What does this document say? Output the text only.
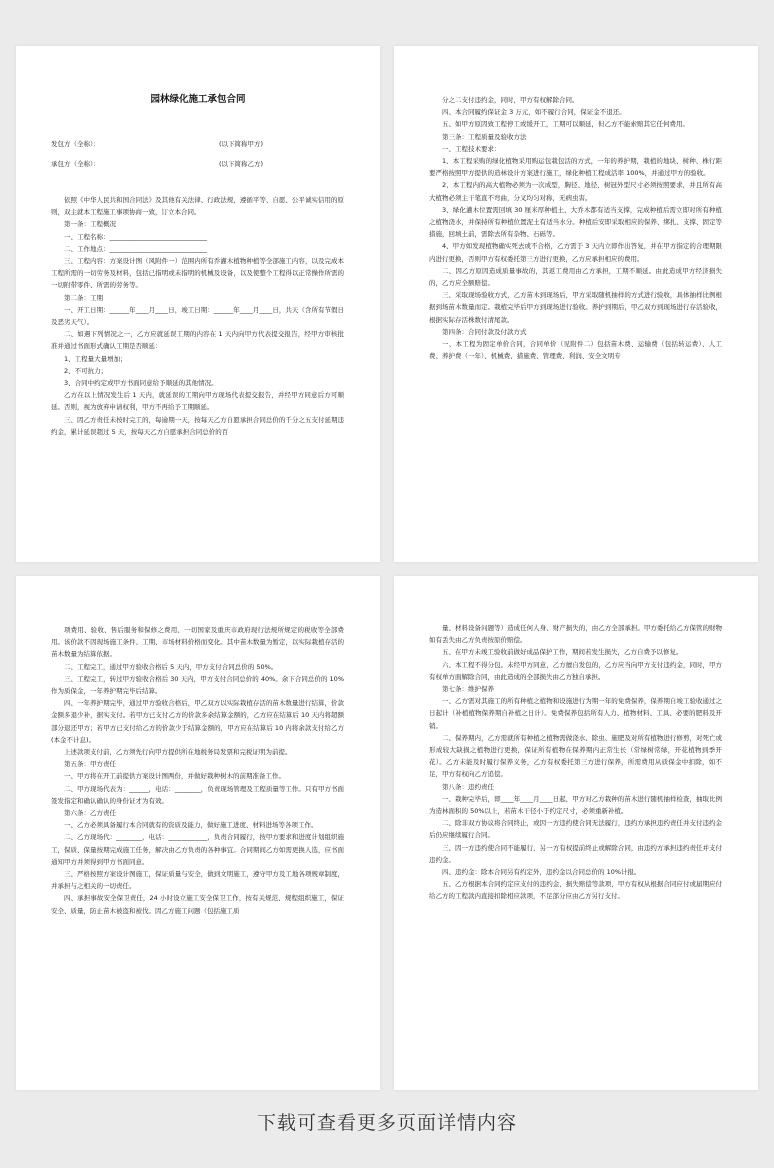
园林绿化施工承包合同
发包方（全称）：	(以下简称甲方)
承包方（全称）：	(以下简称乙方)

依照《中华人民共和国合同法》及其他有关法律、行政法规，遵循平等、自愿、公平诚实信用的原则，双主就本工程施工事项协商一致，订立本合同。

第一条：工程概况

一、工程名称：______________________________

二、工作地点：______________________________

三、工程内容：方案设计图（风附件一）范围内所有乔灌木植物种植等全部施工内容，以及完成本工程所需的一切劳务及材料，包括已指明或未指明的机械及设备，以及使整个工程得以正常操作所需的一切附带零件、所需的劳务等。

第二条：工期

一、开工日期：______年____月____日，竣工日期：______年____月____日，共天（含所有节假日及恶劣天气）。

二、如遇下列情况之一，乙方应就延误工期的内容在 1 天内向甲方代表提交报告，经甲方审核批准并通过书面形式确认工期是否顺延：

1、工程量大量增加；

2、不可抗力；

3、合同中约定或甲方书面同意给予顺延的其他情况。

乙方在以上情况发生后 1 天内，就延误的工期向甲方现场代表提交报告，并经甲方同意后方可顺延。否则，视为放弃申请权利，甲方不再给予工期顺延。

三、因乙方责任未按时完工的，每逾期一天，按每天乙方自愿承担合同总价的千分之五支付延期违约金，累计延误超过 5 天，按每天乙方自愿承担合同总价的百

分之二支付违约金，同时，甲方有权解除合同。

四、本合同履约保证金 3 万元，如不履行合同，保证金不退还。

五、如甲方原因致工程停工或缓开工，工期可以顺延，但乙方不能索赔其它任何费用。

第三条：工程质量及验收方法

一、工程技术要求：

1、本工程采购的绿化植物采用购运包栽包活的方式，一年的养护期，栽植的地块、树种、株行距要严格按照甲方提供的造林设计方案进行施工，绿化种植工程成活率 100%，并通过甲方的验收。

2、本工程内的高大植物必须为一次成型，胸径、地径、树冠外型尺寸必须按照要求，并且所有高大植物必须主干笔直不弯曲，分叉均匀对称，无病虫害。

3、绿化灌木位置需回填 30 厘米厚种植土，大乔木都有适当支撑，完成种植后需立即对所有种植之植物浇水，并保持所有种植位置泥土有适当水分。种植后安即采取相应的保养、绑扎、支撑、固定等措施，回填土前，需除去所有杂物、石砾等。

4、甲方如发现植物确实死去或不合格，乙方需于 3 天内立即作出答复，并在甲方指定的合理期限内进行更换，否则甲方有权委托第三方进行更换，乙方应承担相应的费用。

二、因乙方原因造成质量事故的，其返工费用由乙方承担，工期不顺延。由此造成甲方经济损失的，乙方应全额赔偿。

三、采取现场验收方式，乙方苗木到现场后，甲方采取随机抽样的方式进行验收，具体抽样比例根据到场苗木数量而定。栽植完毕后甲方到现场进行验收。养护到期后，甲乙双方到现场进行存活验收，根据实际存活株数付清尾款。

第四条：合同付款及付款方式

一、本工程为固定单价合同，合同单价（见附件二）包括苗木费、运输费（包括转运费）、人工费、养护费（一年）、机械费、措施费、管理费、利润、安全文明专

项费用、验收、售后服务和保修之费用、一切国家及重庆市政府现行法规所规定的税收等全部费用。该价款不因现场施工条件、工期、市场材料价格而变化。其中苗木数量为暂定，以实际栽植存活的苗木数量为结算依据。

二、工程完工，通过甲方验收合格后 5 天内，甲方支付合同总价的 50%。

三、工程完工，转过甲方验收合格后 30 天内，甲方支付合同总价的 40%。余下合同总价的 10%作为质保金，一年养护期完毕后结算。

四、一年养护期完毕，通过甲方验收合格后，甲乙双方以实际栽植存活的苗木数量进行结算，价款金额多退少补，据实支付。若甲方已支付乙方的价款多余结算金额的，乙方应在结算后 10 天内将超额部分退还甲方；若甲方已支付给乙方的价款少于结算金额的，甲方应在结算后 10 内将余款支付给乙方(本金不计息)。

上述款项支付前，乙方须先行向甲方提供所在地税务局发票和完税证明为前提。

第五条：甲方责任

一、甲方将在开工前提供方案设计图两份，并做好栽种树木的前期准备工作。

二、甲方现场代表为：______，电话：________，负责现场管理及工程质量等工作。只有甲方书面签发指定和确认确认的身份证才为有效。

第六条：乙方责任

一、乙方必须具备履行本合同就有的资质及能力，做好施工进度、材料进场等各项工作。

二、乙方现场代：________，电话：____________，负责合同履行，按甲方要求和进度计划组织施工，保质、保量按期完成施工任务，解决由乙方负责的各种事宜。合同期间乙方如需更换人选，应书面通知甲方并须得到甲方书面同意。

三、严格按照方案设计图施工，保证质量与安全，做到文明施工，遵守甲方及工地各项规章制度，并承担与之相关的一切责任。

四、承担事故安全保卫责任，24 小时设立施工安全保卫工作，按有关规范、规程组织施工，保证安全、质量，防止苗木被盗和被伐。因乙方施工问题（包括施工质

量、材料设备问题等）造成任何人身、财产损失的，由乙方全部承担。甲方委托给乙方保管的财物如有丢失由乙方负责按原价赔偿。

五、在甲方未竣工验收前做好成品保护工作，期间若发生损失，乙方自费予以修复。

六、本工程不得分包。未经甲方同意，乙方擅自发包的，乙方应当向甲方支付违约金，同时，甲方有权单方面解除合同，由此造成的全部损失由乙方独自承担。

第七条：维护保养

一、乙方需对其施工的所有种植之植物和设施进行为期一年的免费保养，保养期自竣工验收通过之日起计（补植植物保养期自补植之日计）。免费保养包括所有人力、植物材料、工具、必要的肥料及开销。

二、保养期内，乙方需就所有种植之植物需做浇水、除虫、施肥及对所有植物进行修剪，对死亡或形成较大缺损之植物进行更换，保证所有植物在保养期内正常生长（常绿树常绿，开花植物到季开花）。乙方未能及时履行保养义务，乙方有权委托第三方进行保养，所需费用从质保金中扣除，如不足，甲方有权向乙方追偿。

第八条：违约责任

一、栽种完毕后，即____年____月____日起，甲方对乙方栽种的苗木进行随机抽样检查，抽取比例为造林面积的 50%以上，若苗木干径小于约定尺寸，必须重新补植。

二、除非双方协议将合同终止，或因一方违约使合同无法履行，违约方承担违约责任并支付违约金后仍应继续履行合同。

三、因一方违约使合同不能履行，另一方有权提前终止或解除合同，由违约方承担违约责任并支付违约金。

四、违约金：除本合同另有约定外，违约金以合同总价的 10%计报。

五、乙方根据本合同约定应支付的违约金、损失赔偿等款项，甲方有权从根据合同应付或届期应付给乙方的工程款内直接扣除相应款项，不足部分应由乙方另行支付。

下载可查看更多页面详情内容
